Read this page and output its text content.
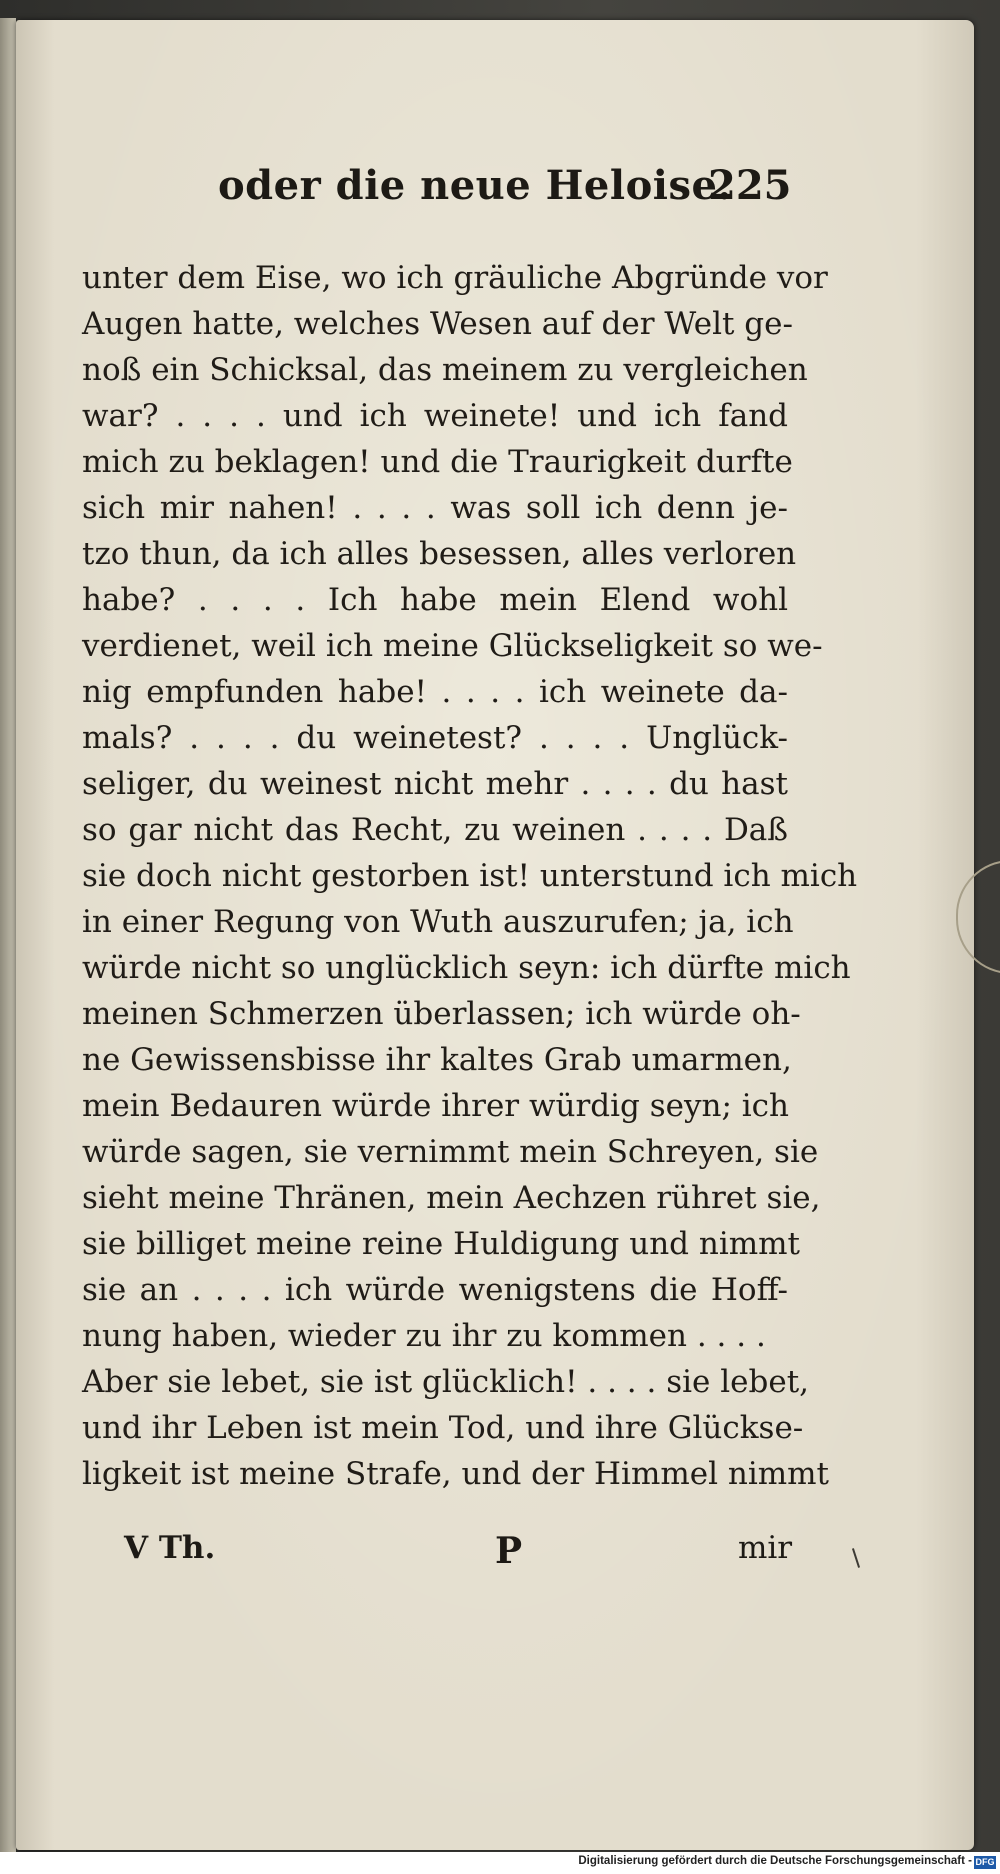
oder die neue Heloise.
225
unter dem Eise, wo ich gräuliche Abgründe vor
Augen hatte, welches Wesen auf der Welt ge-
noß ein Schicksal, das meinem zu vergleichen
war? . . . . und ich weinete! und ich fand
mich zu beklagen! und die Traurigkeit durfte
sich mir nahen! . . . . was soll ich denn je-
tzo thun, da ich alles besessen, alles verloren
habe? . . . . Ich habe mein Elend wohl
verdienet, weil ich meine Glückseligkeit so we-
nig empfunden habe! . . . . ich weinete da-
mals? . . . . du weinetest? . . . . Unglück-
seliger, du weinest nicht mehr . . . . du hast
so gar nicht das Recht, zu weinen . . . . Daß
sie doch nicht gestorben ist! unterstund ich mich
in einer Regung von Wuth auszurufen; ja, ich
würde nicht so unglücklich seyn: ich dürfte mich
meinen Schmerzen überlassen; ich würde oh-
ne Gewissensbisse ihr kaltes Grab umarmen,
mein Bedauren würde ihrer würdig seyn; ich
würde sagen, sie vernimmt mein Schreyen, sie
sieht meine Thränen, mein Aechzen rühret sie,
sie billiget meine reine Huldigung und nimmt
sie an . . . . ich würde wenigstens die Hoff-
nung haben, wieder zu ihr zu kommen . . . .
Aber sie lebet, sie ist glücklich! . . . . sie lebet,
und ihr Leben ist mein Tod, und ihre Glückse-
ligkeit ist meine Strafe, und der Himmel nimmt
V Th.	P	mir
Digitalisierung gefördert durch die Deutsche Forschungsgemeinschaft - DFG
